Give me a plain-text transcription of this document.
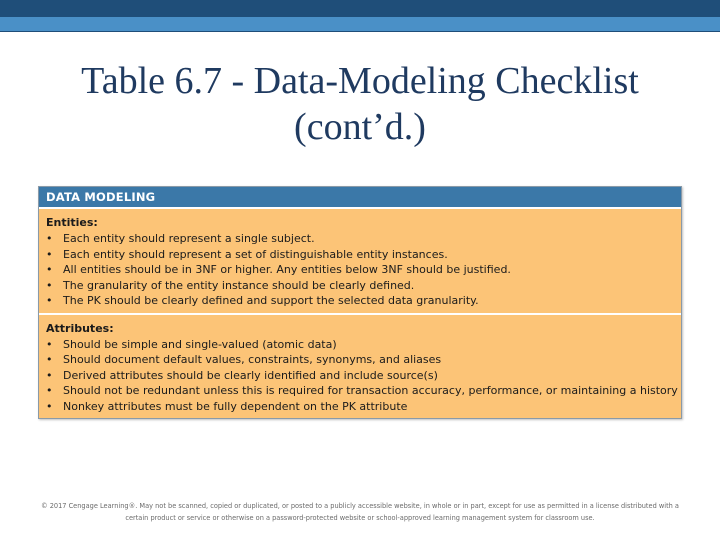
Table 6.7 - Data-Modeling Checklist
(cont’d.)
DATA MODELING
Entities:
• Each entity should represent a single subject.
• Each entity should represent a set of distinguishable entity instances.
• All entities should be in 3NF or higher. Any entities below 3NF should be justified.
• The granularity of the entity instance should be clearly defined.
• The PK should be clearly defined and support the selected data granularity.
Attributes:
• Should be simple and single-valued (atomic data)
• Should document default values, constraints, synonyms, and aliases
• Derived attributes should be clearly identified and include source(s)
• Should not be redundant unless this is required for transaction accuracy, performance, or maintaining a history
• Nonkey attributes must be fully dependent on the PK attribute
© 2017 Cengage Learning®. May not be scanned, copied or duplicated, or posted to a publicly accessible website, in whole or in part, except for use as permitted in a license distributed with a
certain product or service or otherwise on a password-protected website or school-approved learning management system for classroom use.
